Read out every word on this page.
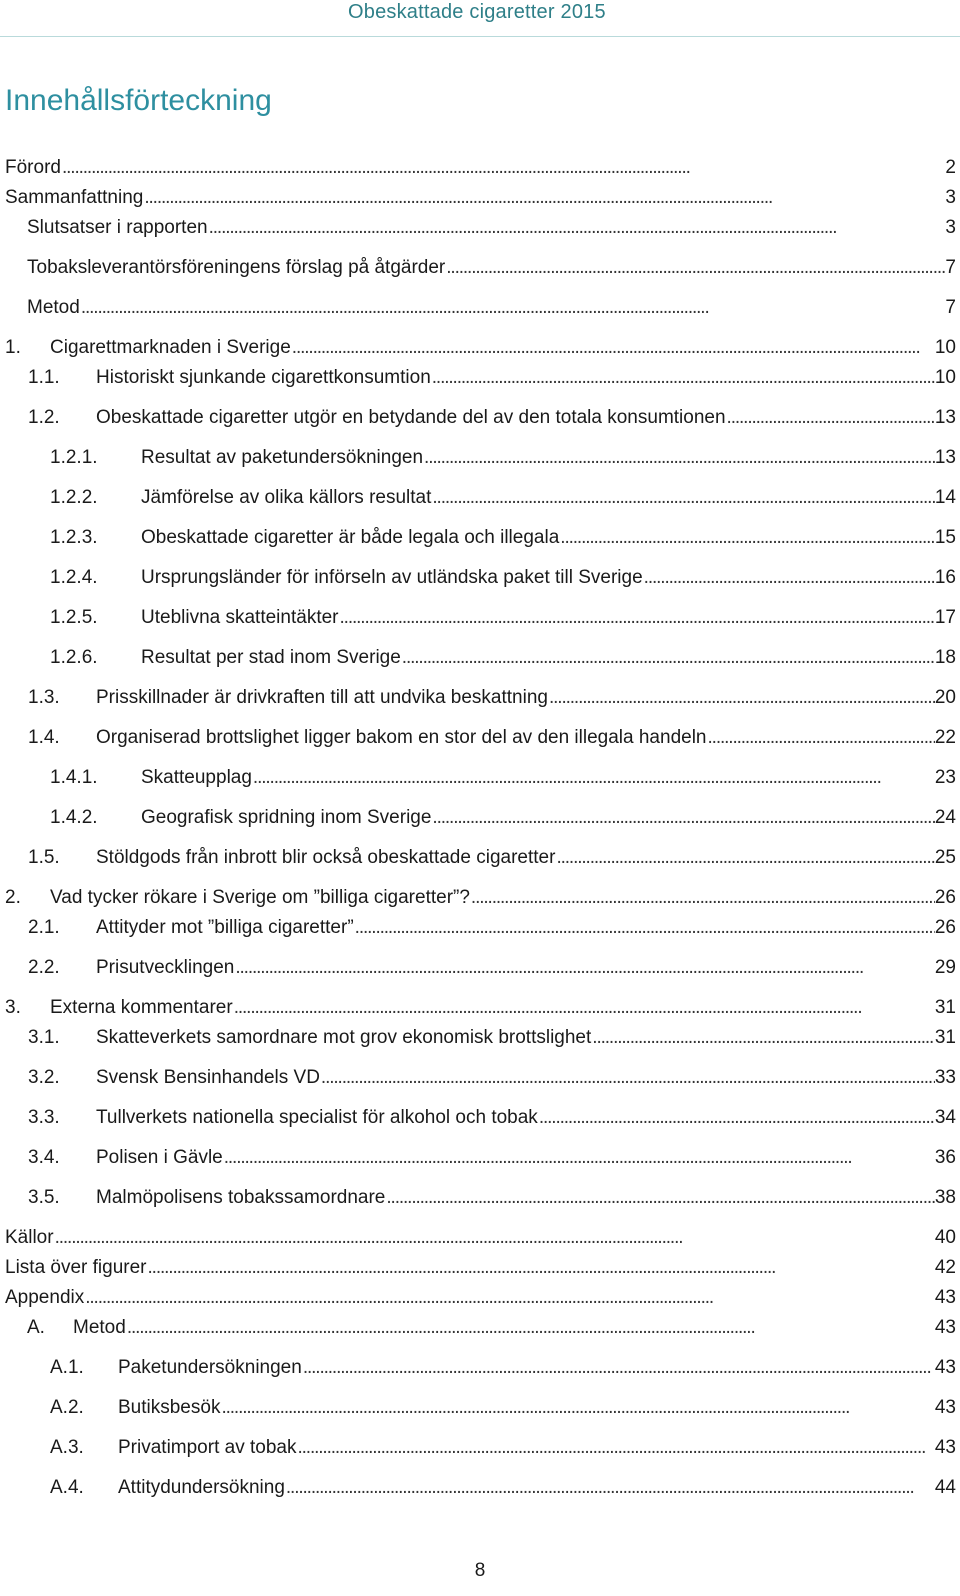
Obeskattade cigaretter 2015
Innehållsförteckning
Förord . . .	2
Sammanfattning . . .	3
Slutsatser i rapporten . . .	3
Tobaksleverantörsföreningens förslag på åtgärder . . .	7
Metod . . .	7
1.	Cigarettmarknaden i Sverige . . .	10
1.1.	Historiskt sjunkande cigarettkonsumtion . . .	10
1.2.	Obeskattade cigaretter utgör en betydande del av den totala konsumtionen . . .	13
1.2.1.	Resultat av paketundersökningen . . .	13
1.2.2.	Jämförelse av olika källors resultat . . .	14
1.2.3.	Obeskattade cigaretter är både legala och illegala . . .	15
1.2.4.	Ursprungsländer för införseln av utländska paket till Sverige . . .	16
1.2.5.	Uteblivna skatteintäkter . . .	17
1.2.6.	Resultat per stad inom Sverige . . .	18
1.3.	Prisskillnader är drivkraften till att undvika beskattning . . .	20
1.4.	Organiserad brottslighet ligger bakom en stor del av den illegala handeln . . .	22
1.4.1.	Skatteupplag . . .	23
1.4.2.	Geografisk spridning inom Sverige . . .	24
1.5.	Stöldgods från inbrott blir också obeskattade cigaretter . . .	25
2.	Vad tycker rökare i Sverige om ”billiga cigaretter”? . . .	26
2.1.	Attityder mot ”billiga cigaretter” . . .	26
2.2.	Prisutvecklingen . . .	29
3.	Externa kommentarer . . .	31
3.1.	Skatteverkets samordnare mot grov ekonomisk brottslighet . . .	31
3.2.	Svensk Bensinhandels VD . . .	33
3.3.	Tullverkets nationella specialist för alkohol och tobak . . .	34
3.4.	Polisen i Gävle . . .	36
3.5.	Malmöpolisens tobakssamordnare . . .	38
Källor . . .	40
Lista över figurer . . .	42
Appendix . . .	43
A.	Metod . . .	43
A.1.	Paketundersökningen . . .	43
A.2.	Butiksbesök . . .	43
A.3.	Privatimport av tobak . . .	43
A.4.	Attitydundersökning . . .	44
8
